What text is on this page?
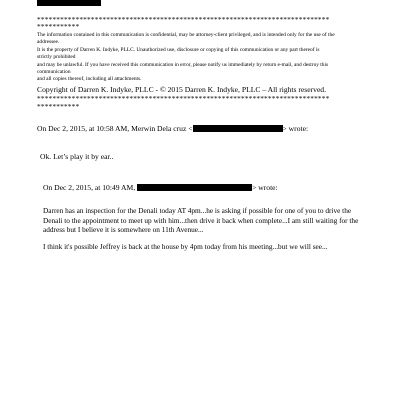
****************************************************************************
***********
The information contained in this communication is confidential, may be attorney-client privileged, and is intended only for the use of the
addressee.
It is the property of Darren K. Indyke, PLLC. Unauthorized use, disclosure or copying of this communication or any part thereof is
strictly prohibited
and may be unlawful. If you have received this communication in error, please notify us immediately by return e-mail, and destroy this
communication
and all copies thereof, including all attachments.
Copyright of Darren K. Indyke, PLLC - © 2015 Darren K. Indyke, PLLC – All rights reserved.
****************************************************************************
***********
On Dec 2, 2015, at 10:58 AM, Merwin Dela cruz <	> wrote:
Ok. Let’s play it by ear..
On Dec 2, 2015, at 10:49 AM,	> wrote:
Darren has an inspection for the Denali today AT 4pm...he is asking if possible for one of you to drive the Denali to the appointment to meet up with him...then drive it back when complete...I am still waiting for the address but I believe it is somewhere on 11th Avenue...
I think it's possible Jeffrey is back at the house by 4pm today from his meeting...but we will see...
